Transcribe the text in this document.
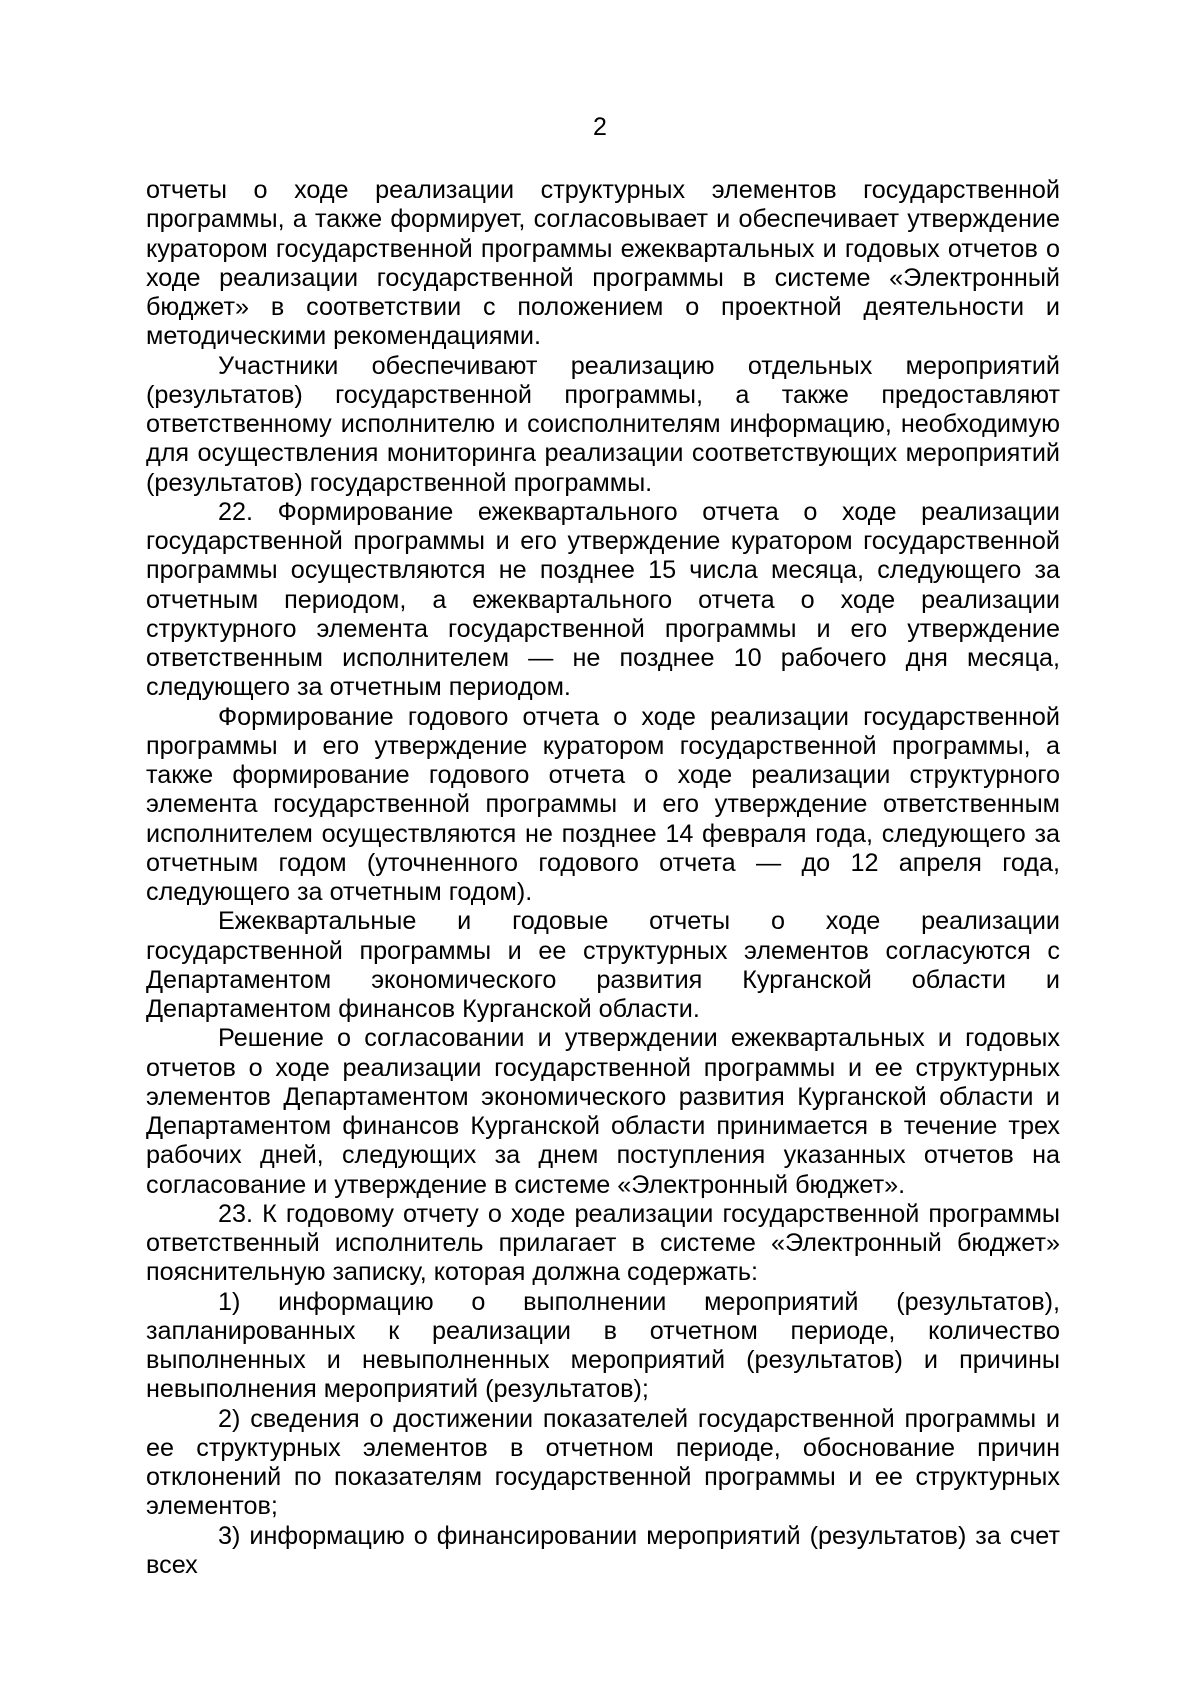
2

отчеты о ходе реализации структурных элементов государственной программы, а также формирует, согласовывает и обеспечивает утверждение куратором государственной программы ежеквартальных и годовых отчетов о ходе реализации государственной программы в системе «Электронный бюджет» в соответствии с положением о проектной деятельности и методическими рекомендациями.

Участники обеспечивают реализацию отдельных мероприятий (результатов) государственной программы, а также предоставляют ответственному исполнителю и соисполнителям информацию, необходимую для осуществления мониторинга реализации соответствующих мероприятий (результатов) государственной программы.

22. Формирование ежеквартального отчета о ходе реализации государственной программы и его утверждение куратором государственной программы осуществляются не позднее 15 числа месяца, следующего за отчетным периодом, а ежеквартального отчета о ходе реализации структурного элемента государственной программы и его утверждение ответственным исполнителем — не позднее 10 рабочего дня месяца, следующего за отчетным периодом.

Формирование годового отчета о ходе реализации государственной программы и его утверждение куратором государственной программы, а также формирование годового отчета о ходе реализации структурного элемента государственной программы и его утверждение ответственным исполнителем осуществляются не позднее 14 февраля года, следующего за отчетным годом (уточненного годового отчета — до 12 апреля года, следующего за отчетным годом).

Ежеквартальные и годовые отчеты о ходе реализации государственной программы и ее структурных элементов согласуются с Департаментом экономического развития Курганской области и Департаментом финансов Курганской области.

Решение о согласовании и утверждении ежеквартальных и годовых отчетов о ходе реализации государственной программы и ее структурных элементов Департаментом экономического развития Курганской области и Департаментом финансов Курганской области принимается в течение трех рабочих дней, следующих за днем поступления указанных отчетов на согласование и утверждение в системе «Электронный бюджет».

23. К годовому отчету о ходе реализации государственной программы ответственный исполнитель прилагает в системе «Электронный бюджет» пояснительную записку, которая должна содержать:

1) информацию о выполнении мероприятий (результатов), запланированных к реализации в отчетном периоде, количество выполненных и невыполненных мероприятий (результатов) и причины невыполнения мероприятий (результатов);

2) сведения о достижении показателей государственной программы и ее структурных элементов в отчетном периоде, обоснование причин отклонений по показателям государственной программы и ее структурных элементов;

3) информацию о финансировании мероприятий (результатов) за счет всех
